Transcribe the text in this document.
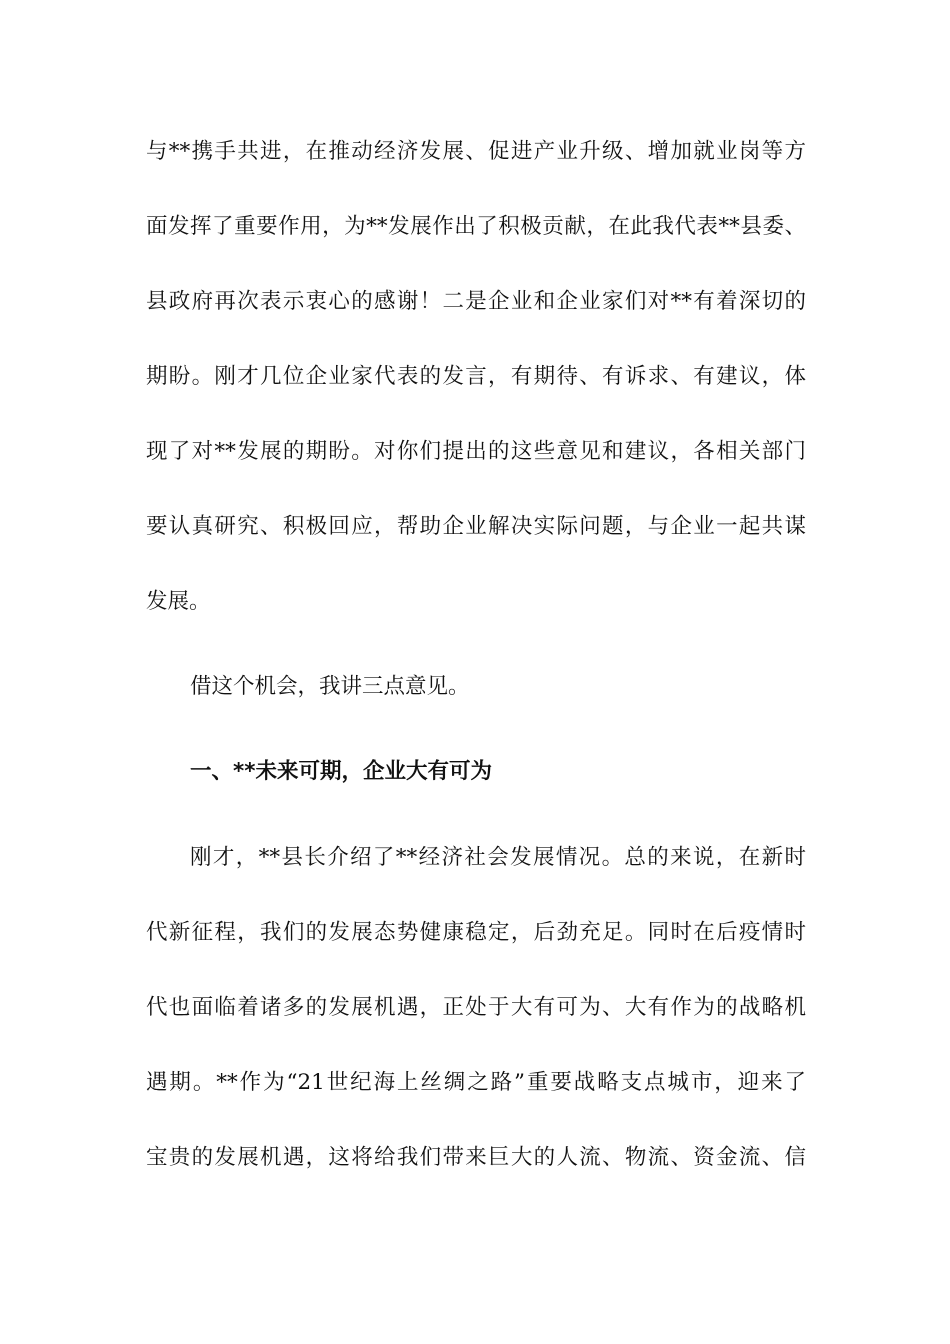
与**携手共进，在推动经济发展、促进产业升级、增加就业岗等方
面发挥了重要作用，为**发展作出了积极贡献，在此我代表**县委、
县政府再次表示衷心的感谢！二是企业和企业家们对**有着深切的
期盼。刚才几位企业家代表的发言，有期待、有诉求、有建议，体
现了对**发展的期盼。对你们提出的这些意见和建议，各相关部门
要认真研究、积极回应，帮助企业解决实际问题，与企业一起共谋
发展。
借这个机会，我讲三点意见。
一、**未来可期，企业大有可为
刚才，**县长介绍了**经济社会发展情况。总的来说，在新时
代新征程，我们的发展态势健康稳定，后劲充足。同时在后疫情时
代也面临着诸多的发展机遇，正处于大有可为、大有作为的战略机
遇期。**作为“21世纪海上丝绸之路”重要战略支点城市，迎来了
宝贵的发展机遇，这将给我们带来巨大的人流、物流、资金流、信
